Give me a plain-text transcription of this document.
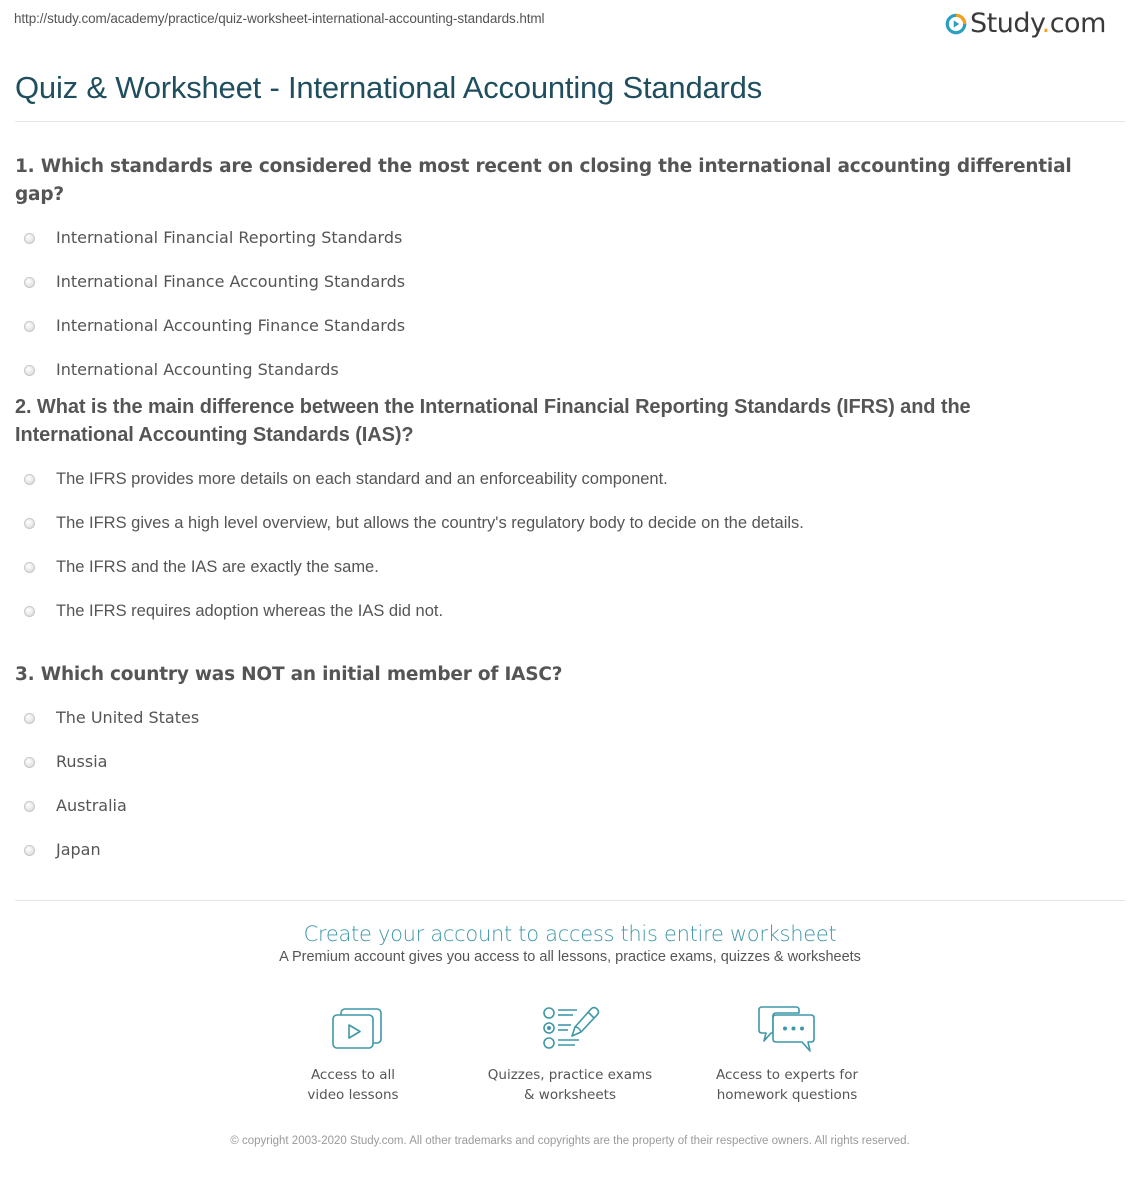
http://study.com/academy/practice/quiz-worksheet-international-accounting-standards.html	Study.com
Quiz & Worksheet - International Accounting Standards
1. Which standards are considered the most recent on closing the international accounting differential gap?
International Financial Reporting Standards
International Finance Accounting Standards
International Accounting Finance Standards
International Accounting Standards
2. What is the main difference between the International Financial Reporting Standards (IFRS) and the
International Accounting Standards (IAS)?
The IFRS provides more details on each standard and an enforceability component.
The IFRS gives a high level overview, but allows the country's regulatory body to decide on the details.
The IFRS and the IAS are exactly the same.
The IFRS requires adoption whereas the IAS did not.
3. Which country was NOT an initial member of IASC?
The United States
Russia
Australia
Japan
Create your account to access this entire worksheet
A Premium account gives you access to all lessons, practice exams, quizzes & worksheets
Access to all
video lessons
Quizzes, practice exams
& worksheets
Access to experts for
homework questions
© copyright 2003-2020 Study.com. All other trademarks and copyrights are the property of their respective owners. All rights reserved.
